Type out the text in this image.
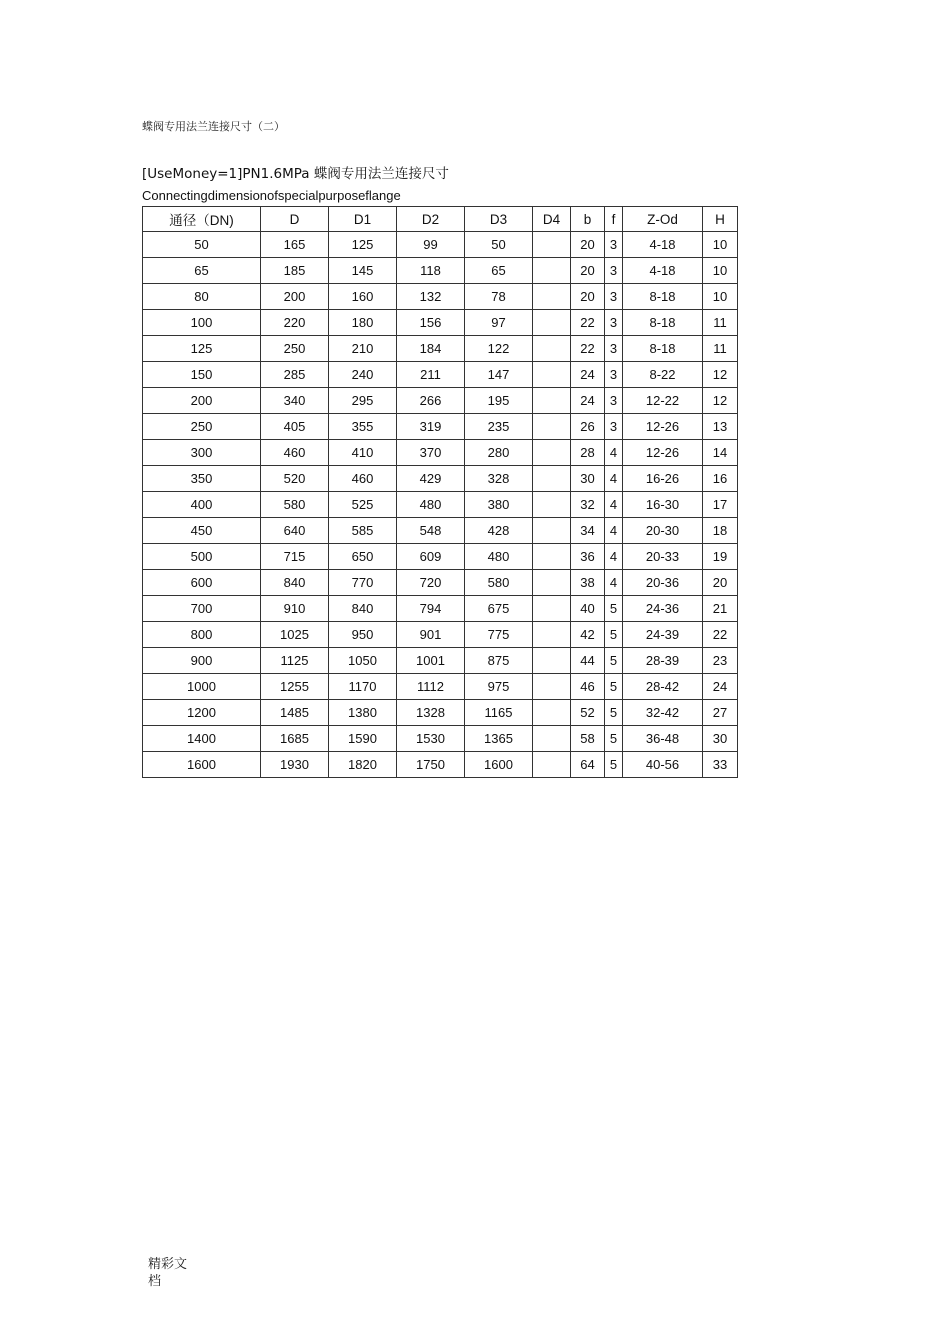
蝶阀专用法兰连接尺寸（二）
[UseMoney=1]PN1.6MPa 蝶阀专用法兰连接尺寸
Connectingdimensionofspecialpurposeflange
通径（DN)	D	D1	D2	D3	D4	b	f	Z-Od	H
50	165	125	99	50		20	3	4-18	10
65	185	145	118	65		20	3	4-18	10
80	200	160	132	78		20	3	8-18	10
100	220	180	156	97		22	3	8-18	11
125	250	210	184	122		22	3	8-18	11
150	285	240	211	147		24	3	8-22	12
200	340	295	266	195		24	3	12-22	12
250	405	355	319	235		26	3	12-26	13
300	460	410	370	280		28	4	12-26	14
350	520	460	429	328		30	4	16-26	16
400	580	525	480	380		32	4	16-30	17
450	640	585	548	428		34	4	20-30	18
500	715	650	609	480		36	4	20-33	19
600	840	770	720	580		38	4	20-36	20
700	910	840	794	675		40	5	24-36	21
800	1025	950	901	775		42	5	24-39	22
900	1125	1050	1001	875		44	5	28-39	23
1000	1255	1170	1112	975		46	5	28-42	24
1200	1485	1380	1328	1165		52	5	32-42	27
1400	1685	1590	1530	1365		58	5	36-48	30
1600	1930	1820	1750	1600		64	5	40-56	33
精彩文
档
